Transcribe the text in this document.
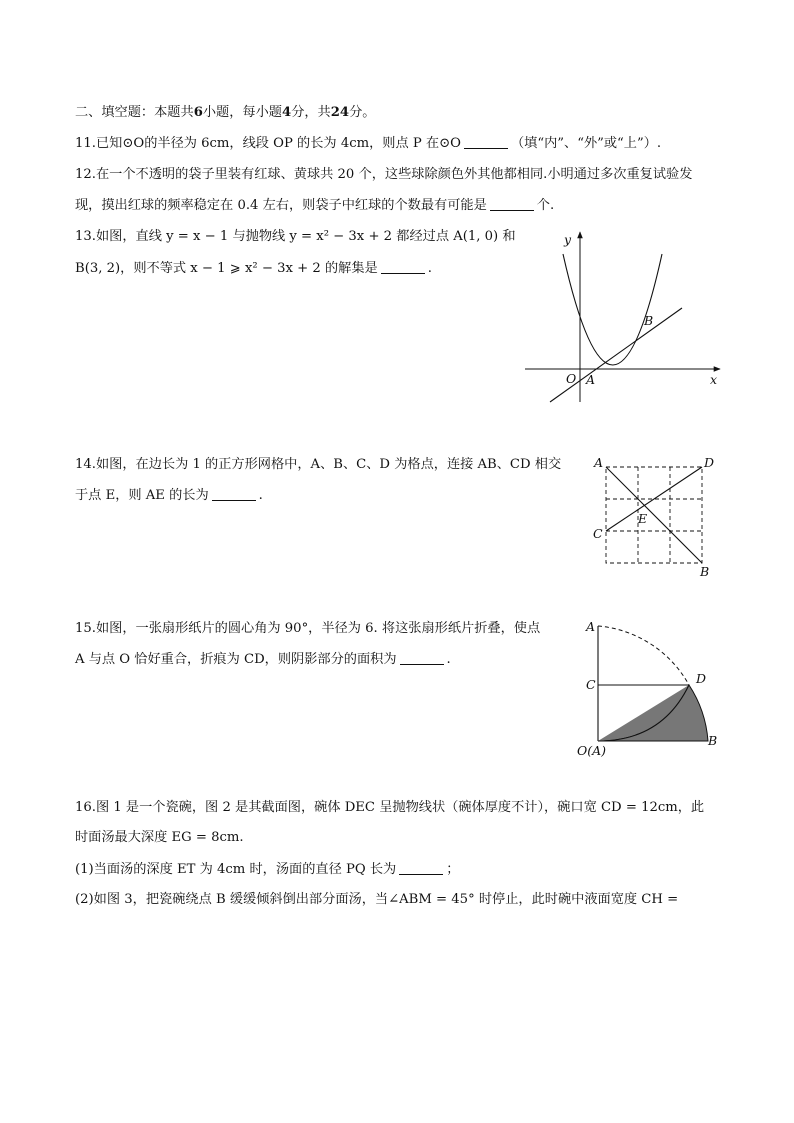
二、填空题：本题共6小题，每小题4分，共24分。
11.已知⊙O的半径为 6cm，线段 OP 的长为 4cm，则点 P 在⊙O	（填“内”、“外”或“上”）.
12.在一个不透明的袋子里装有红球、黄球共 20 个，这些球除颜色外其他都相同.小明通过多次重复试验发
现，摸出红球的频率稳定在 0.4 左右，则袋子中红球的个数最有可能是	个.
13.如图，直线 y = x − 1 与抛物线 y = x² − 3x + 2 都经过点 A(1, 0) 和
B(3, 2)，则不等式 x − 1 ⩾ x² − 3x + 2 的解集是	.
y
x
O A
B
14.如图，在边长为 1 的正方形网格中，A、B、C、D 为格点，连接 AB、CD 相交
于点 E，则 AE 的长为	.
A	D
C
B
E
15.如图，一张扇形纸片的圆心角为 90°，半径为 6. 将这张扇形纸片折叠，使点
A 与点 O 恰好重合，折痕为 CD，则阴影部分的面积为	.
A
C	D
O(A)
B
16.图 1 是一个瓷碗，图 2 是其截面图，碗体 DEC 呈抛物线状（碗体厚度不计），碗口宽 CD = 12cm，此
时面汤最大深度 EG = 8cm.
(1)当面汤的深度 ET 为 4cm 时，汤面的直径 PQ 长为	；
(2)如图 3，把瓷碗绕点 B 缓缓倾斜倒出部分面汤，当∠ABM = 45° 时停止，此时碗中液面宽度 CH =
